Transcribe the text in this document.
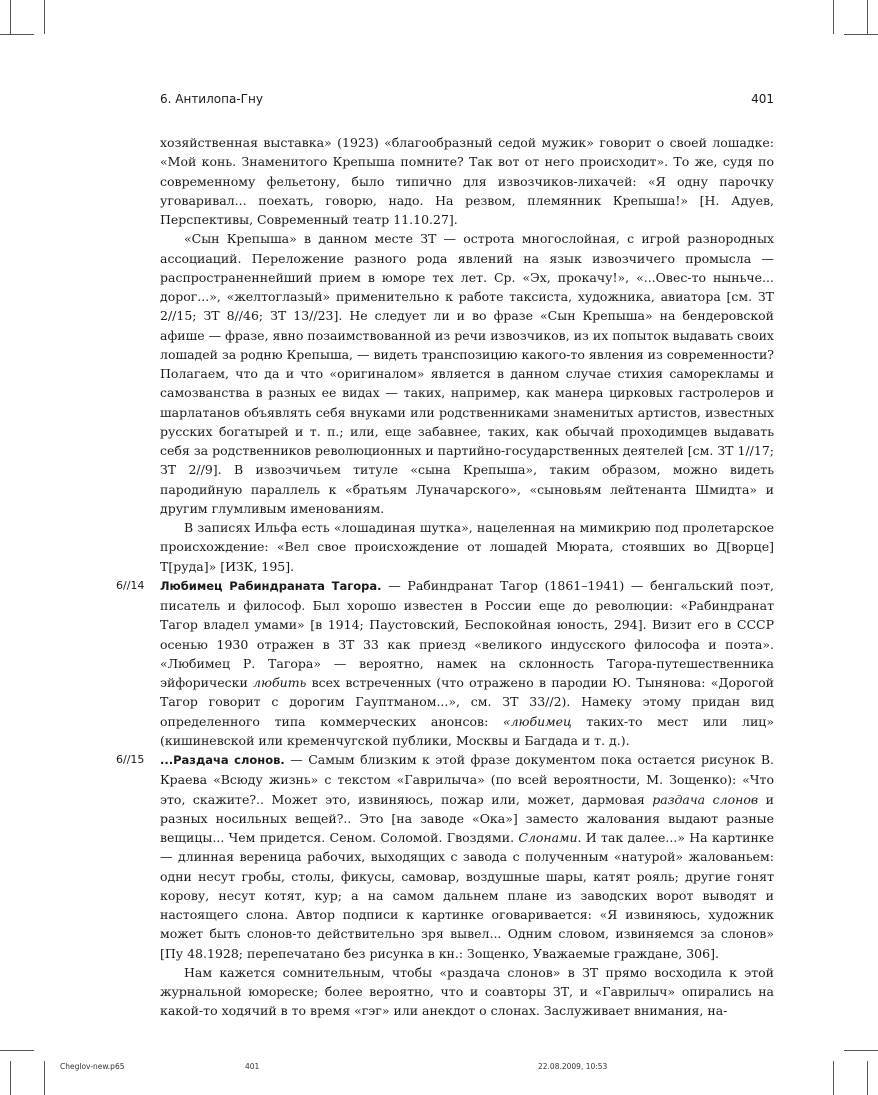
6. Антилопа-Гну	401

хозяйственная выставка» (1923) «благообразный седой мужик» говорит о своей лошадке: «Мой конь. Знаменитого Крепыша помните? Так вот от него происходит». То же, судя по современному фельетону, было типично для извозчиков-лихачей: «Я одну парочку уговаривал... поехать, говорю, надо. На резвом, племянник Крепыша!» [Н. Адуев, Перспективы, Современный театр 11.10.27].

«Сын Крепыша» в данном месте ЗТ — острота многослойная, с игрой разнородных ассоциаций. Переложение разного рода явлений на язык извозчичего промысла — распространеннейший прием в юморе тех лет. Ср. «Эх, прокачу!», «...Овес-то ныньче... дорог...», «желтоглазый» применительно к работе таксиста, художника, авиатора [см. ЗТ 2//15; ЗТ 8//46; ЗТ 13//23]. Не следует ли и во фразе «Сын Крепыша» на бендеровской афише — фразе, явно позаимствованной из речи извозчиков, из их попыток выдавать своих лошадей за родню Крепыша, — видеть транспозицию какого-то явления из современности? Полагаем, что да и что «оригиналом» является в данном случае стихия саморекламы и самозванства в разных ее видах — таких, например, как манера цирковых гастролеров и шарлатанов объявлять себя внуками или родственниками знаменитых артистов, известных русских богатырей и т. п.; или, еще забавнее, таких, как обычай проходимцев выдавать себя за родственников революционных и партийно-государственных деятелей [см. ЗТ 1//17; ЗТ 2//9]. В извозчичьем титуле «сына Крепыша», таким образом, можно видеть пародийную параллель к «братьям Луначарского», «сыновьям лейтенанта Шмидта» и другим глумливым именованиям.

В записях Ильфа есть «лошадиная шутка», нацеленная на мимикрию под пролетарское происхождение: «Вел свое происхождение от лошадей Мюрата, стоявших во Д[ворце] Т[руда]» [ИЗК, 195].

6//14 Любимец Рабиндраната Тагора. — Рабиндранат Тагор (1861–1941) — бенгальский поэт, писатель и философ. Был хорошо известен в России еще до революции: «Рабиндранат Тагор владел умами» [в 1914; Паустовский, Беспокойная юность, 294]. Визит его в СССР осенью 1930 отражен в ЗТ 33 как приезд «великого индусского философа и поэта». «Любимец Р. Тагора» — вероятно, намек на склонность Тагора-путешественника эйфорически любить всех встреченных (что отражено в пародии Ю. Тынянова: «Дорогой Тагор говорит с дорогим Гауптманом...», см. ЗТ 33//2). Намеку этому придан вид определенного типа коммерческих анонсов: «любимец таких-то мест или лиц» (кишиневской или кременчугской публики, Москвы и Багдада и т. д.).

6//15 ...Раздача слонов. — Самым близким к этой фразе документом пока остается рисунок В. Краева «Всюду жизнь» с текстом «Гаврилыча» (по всей вероятности, М. Зощенко): «Что это, скажите?.. Может это, извиняюсь, пожар или, может, дармовая раздача слонов и разных носильных вещей?.. Это [на заводе «Ока»] заместо жалования выдают разные вещицы... Чем придется. Сеном. Соломой. Гвоздями. Слонами. И так далее...» На картинке — длинная вереница рабочих, выходящих с завода с полученным «натурой» жалованьем: одни несут гробы, столы, фикусы, самовар, воздушные шары, катят рояль; другие гонят корову, несут котят, кур; а на самом дальнем плане из заводских ворот выводят и настоящего слона. Автор подписи к картинке оговаривается: «Я извиняюсь, художник может быть слонов-то действительно зря вывел... Одним словом, извиняемся за слонов» [Пу 48.1928; перепечатано без рисунка в кн.: Зощенко, Уважаемые граждане, 306].

Нам кажется сомнительным, чтобы «раздача слонов» в ЗТ прямо восходила к этой журнальной юмореске; более вероятно, что и соавторы ЗТ, и «Гаврилыч» опирались на какой-то ходячий в то время «гэг» или анекдот о слонах. Заслуживает внимания, на-

Cheglov-new.p65	401	22.08.2009, 10:53
